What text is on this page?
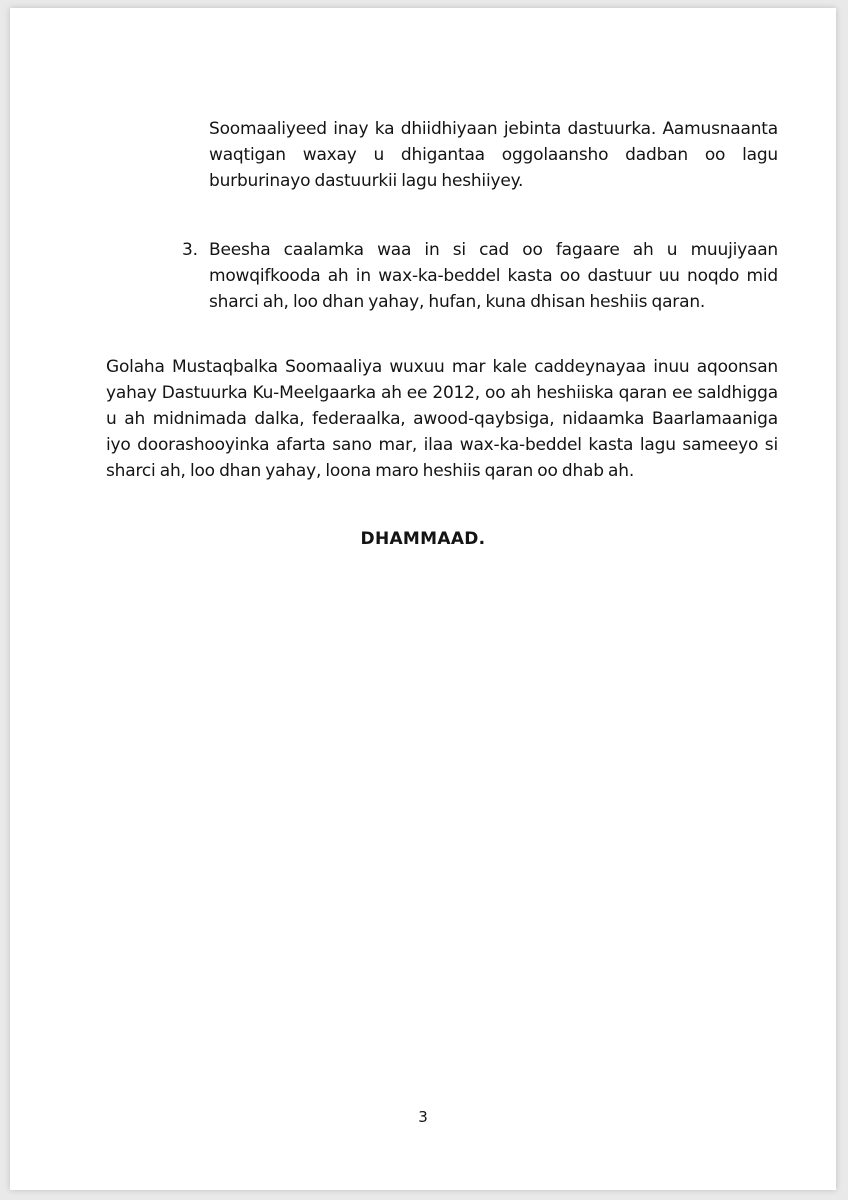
Soomaaliyeed inay ka dhiidhiyaan jebinta dastuurka. Aamusnaanta waqtigan waxay u dhigantaa oggolaansho dadban oo lagu burburinayo dastuurkii lagu heshiiyey.
3. Beesha caalamka waa in si cad oo fagaare ah u muujiyaan mowqifkooda ah in wax-ka-beddel kasta oo dastuur uu noqdo mid sharci ah, loo dhan yahay, hufan, kuna dhisan heshiis qaran.
Golaha Mustaqbalka Soomaaliya wuxuu mar kale caddeynayaa inuu aqoonsan yahay Dastuurka Ku-Meelgaarka ah ee 2012, oo ah heshiiska qaran ee saldhigga u ah midnimada dalka, federaalka, awood-qaybsiga, nidaamka Baarlamaaniga iyo doorashooyinka afarta sano mar, ilaa wax-ka-beddel kasta lagu sameeyo si sharci ah, loo dhan yahay, loona maro heshiis qaran oo dhab ah.
DHAMMAAD.
3
